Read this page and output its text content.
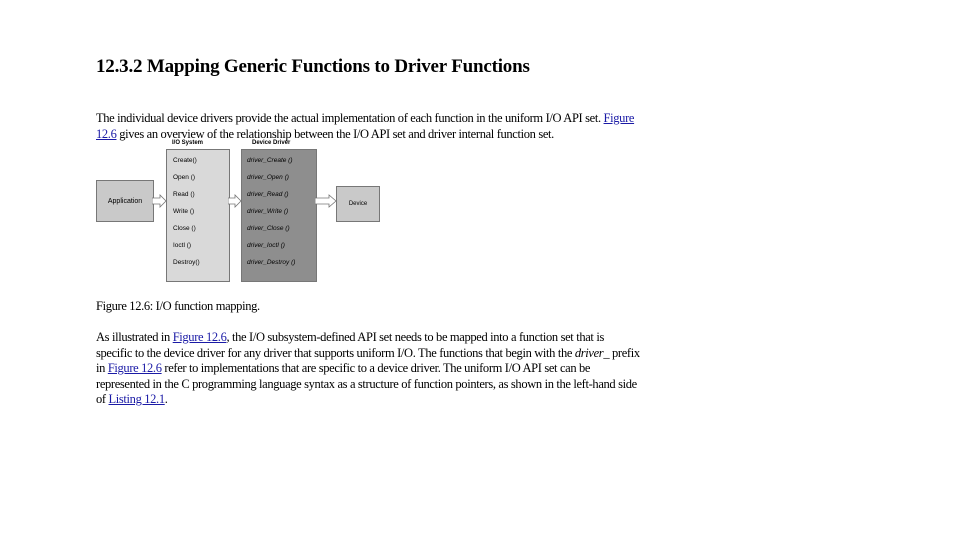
12.3.2 Mapping Generic Functions to Driver Functions
The individual device drivers provide the actual implementation of each function in the uniform I/O API set. Figure
12.6 gives an overview of the relationship between the I/O API set and driver internal function set.
I/O System	Device Driver
Application
Create()
Open ()
Read ()
Write ()
Close ()
Ioctl ()
Destroy()
driver_Create ()
driver_Open ()
driver_Read ()
driver_Write ()
driver_Close ()
driver_Ioctl ()
driver_Destroy ()
Device
Figure 12.6: I/O function mapping.
As illustrated in Figure 12.6, the I/O subsystem-defined API set needs to be mapped into a function set that is
specific to the device driver for any driver that supports uniform I/O. The functions that begin with the driver_ prefix
in Figure 12.6 refer to implementations that are specific to a device driver. The uniform I/O API set can be
represented in the C programming language syntax as a structure of function pointers, as shown in the left-hand side
of Listing 12.1.
